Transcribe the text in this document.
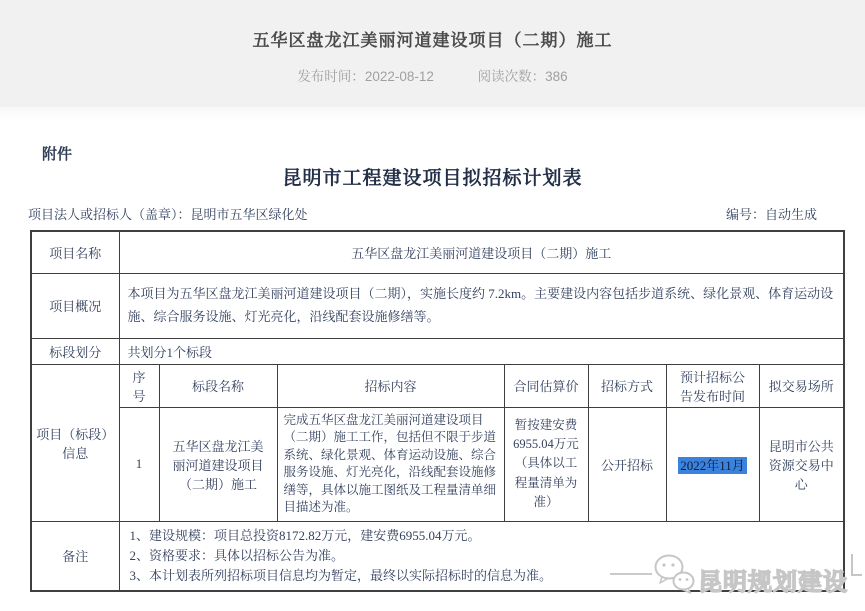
五华区盘龙江美丽河道建设项目（二期）施工
发布时间：2022-08-12	阅读次数：386
附件
昆明市工程建设项目拟招标计划表
项目法人或招标人（盖章）：昆明市五华区绿化处	编号：自动生成
项目名称	五华区盘龙江美丽河道建设项目（二期）施工						
项目概况	本项目为五华区盘龙江美丽河道建设项目（二期），实施长度约 7.2km。主要建设内容包括步道系统、绿化景观、体育运动设施、综合服务设施、灯光亮化，沿线配套设施修缮等。						
标段划分	共划分1个标段						
项目（标段）信息	序号	标段名称	招标内容	合同估算价	招标方式	预计招标公告发布时间	拟交易场所
	1	五华区盘龙江美丽河道建设项目（二期）施工	完成五华区盘龙江美丽河道建设项目（二期）施工工作，包括但不限于步道系统、绿化景观、体育运动设施、综合服务设施、灯光亮化，沿线配套设施修缮等，具体以施工图纸及工程量清单细目描述为准。	暂按建安费6955.04万元（具体以工程量清单为准）	公开招标	2022年11月	昆明市公共资源交易中心
备注	1、建设规模：项目总投资8172.82万元，建安费6955.04万元。
2、资格要求：具体以招标公告为准。
3、本计划表所列招标项目信息均为暂定，最终以实际招标时的信息为准。							昆明规划建设
